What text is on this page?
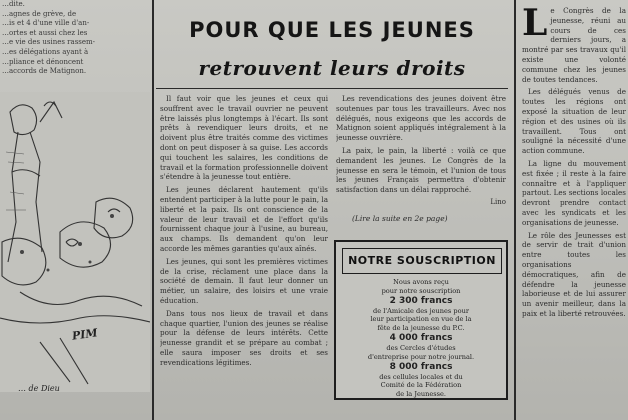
…dite.
…agnes de grève, de
…is et 4 d'une ville d'an-
…ortes et aussi chez les
…e vie des usines rassem-
…es délégations ayant à
…pliance et dénoncent
…accords de Matignon.
PIM
… de Dieu
POUR QUE LES JEUNES
retrouvent leurs droits

Il faut voir que les jeunes et ceux qui souffrent avec le travail ouvrier ne peuvent être laissés plus longtemps à l'écart. Ils sont prêts à revendiquer leurs droits, et ne doivent plus être traités comme des victimes dont on peut disposer à sa guise. Les accords qui touchent les salaires, les conditions de travail et la formation professionnelle doivent s'étendre à la jeunesse tout entière.

Les jeunes déclarent hautement qu'ils entendent participer à la lutte pour le pain, la liberté et la paix. Ils ont conscience de la valeur de leur travail et de l'effort qu'ils fournissent chaque jour à l'usine, au bureau, aux champs. Ils demandent qu'on leur accorde les mêmes garanties qu'aux aînés.

Les jeunes, qui sont les premières victimes de la crise, réclament une place dans la société de demain. Il faut leur donner un métier, un salaire, des loisirs et une vraie éducation.

Dans tous nos lieux de travail et dans chaque quartier, l'union des jeunes se réalise pour la défense de leurs intérêts. Cette jeunesse grandit et se prépare au combat ; elle saura imposer ses droits et ses revendications légitimes.

Les revendications des jeunes doivent être soutenues par tous les travailleurs. Avec nos délégués, nous exigeons que les accords de Matignon soient appliqués intégralement à la jeunesse ouvrière.

La paix, le pain, la liberté : voilà ce que demandent les jeunes. Le Congrès de la jeunesse en sera le témoin, et l'union de tous les jeunes Français permettra d'obtenir satisfaction dans un délai rapproché.

Lino
(Lire la suite en 2e page)
NOTRE SOUSCRIPTION
Nous avons reçu
pour notre souscription
2 300 francs
de l'Amicale des jeunes pour
leur participation en vue de la
fête de la jeunesse du P.C.
4 000 francs
des Cercles d'études
d'entreprise pour notre journal.
8 000 francs
des cellules locales et du
Comité de la Fédération
de la Jeunesse.
L e Congrès de la jeunesse, réuni au cours de ces derniers jours, a montré par ses travaux qu'il existe une volonté commune chez les jeunes de toutes tendances.

Les délégués venus de toutes les régions ont exposé la situation de leur région et des usines où ils travaillent. Tous ont souligné la nécessité d'une action commune.

La ligne du mouvement est fixée ; il reste à la faire connaître et à l'appliquer partout. Les sections locales devront prendre contact avec les syndicats et les organisations de jeunesse.

Le rôle des Jeunesses est de servir de trait d'union entre toutes les organisations démocratiques, afin de défendre la jeunesse laborieuse et de lui assurer un avenir meilleur, dans la paix et la liberté retrouvées.
